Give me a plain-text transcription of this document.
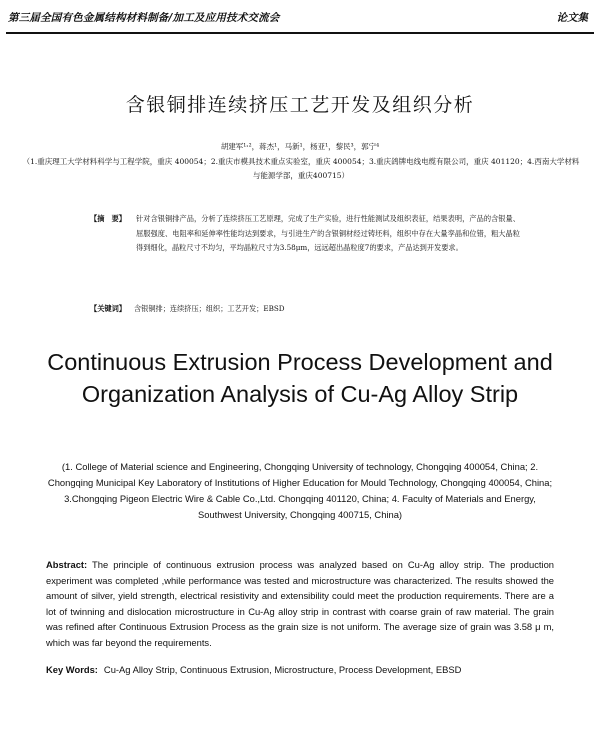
第三届全国有色金属结构材料制备/加工及应用技术交流会	论文集
含银铜排连续挤压工艺开发及组织分析
胡建军¹˒²，蒋杰¹，马新¹，杨亚¹，黎民³，郭宁⁴
（1.重庆理工大学材料科学与工程学院，重庆 400054；2.重庆市模具技术重点实验室，重庆 400054；3.重庆鸽牌电线电缆有限公司，重庆 401120；4.西南大学材料与能源学部，重庆400715）
【摘　要】	针对含银铜排产品，分析了连续挤压工艺原理，完成了生产实验，进行性能测试及组织表征，结果表明，产品的含银量、屈服强度、电阻率和延伸率性能均达到要求，与引进生产的含银铜材经过铸坯料，组织中存在大量孪晶和位错，粗大晶粒得到细化，晶粒尺寸不均匀，平均晶粒尺寸为3.58μm，远远超出晶粒度7的要求，产品达到开发要求。
【关键词】 含银铜排；连续挤压；组织；工艺开发；EBSD
Continuous Extrusion Process Development and
Organization Analysis of Cu-Ag Alloy Strip
(1. College of Material science and Engineering, Chongqing University of technology, Chongqing 400054, China; 2. Chongqing Municipal Key Laboratory of Institutions of Higher Education for Mould Technology, Chongqing 400054, China; 3.Chongqing Pigeon Electric Wire & Cable Co.,Ltd. Chongqing 401120, China; 4. Faculty of Materials and Energy, Southwest University, Chongqing 400715, China)
Abstract: The principle of continuous extrusion process was analyzed based on Cu-Ag alloy strip. The production experiment was completed ,while performance was tested and microstructure was characterized. The results showed the amount of silver, yield strength, electrical resistivity and extensibility could meet the production requirements. There are a lot of twinning and dislocation microstructure in Cu-Ag alloy strip in contrast with coarse grain of raw material. The grain was refined after Continuous Extrusion Process as the grain size is not uniform. The average size of grain was 3.58 μ m, which was far beyond the requirements.
Key Words: Cu-Ag Alloy Strip, Continuous Extrusion, Microstructure, Process Development, EBSD
